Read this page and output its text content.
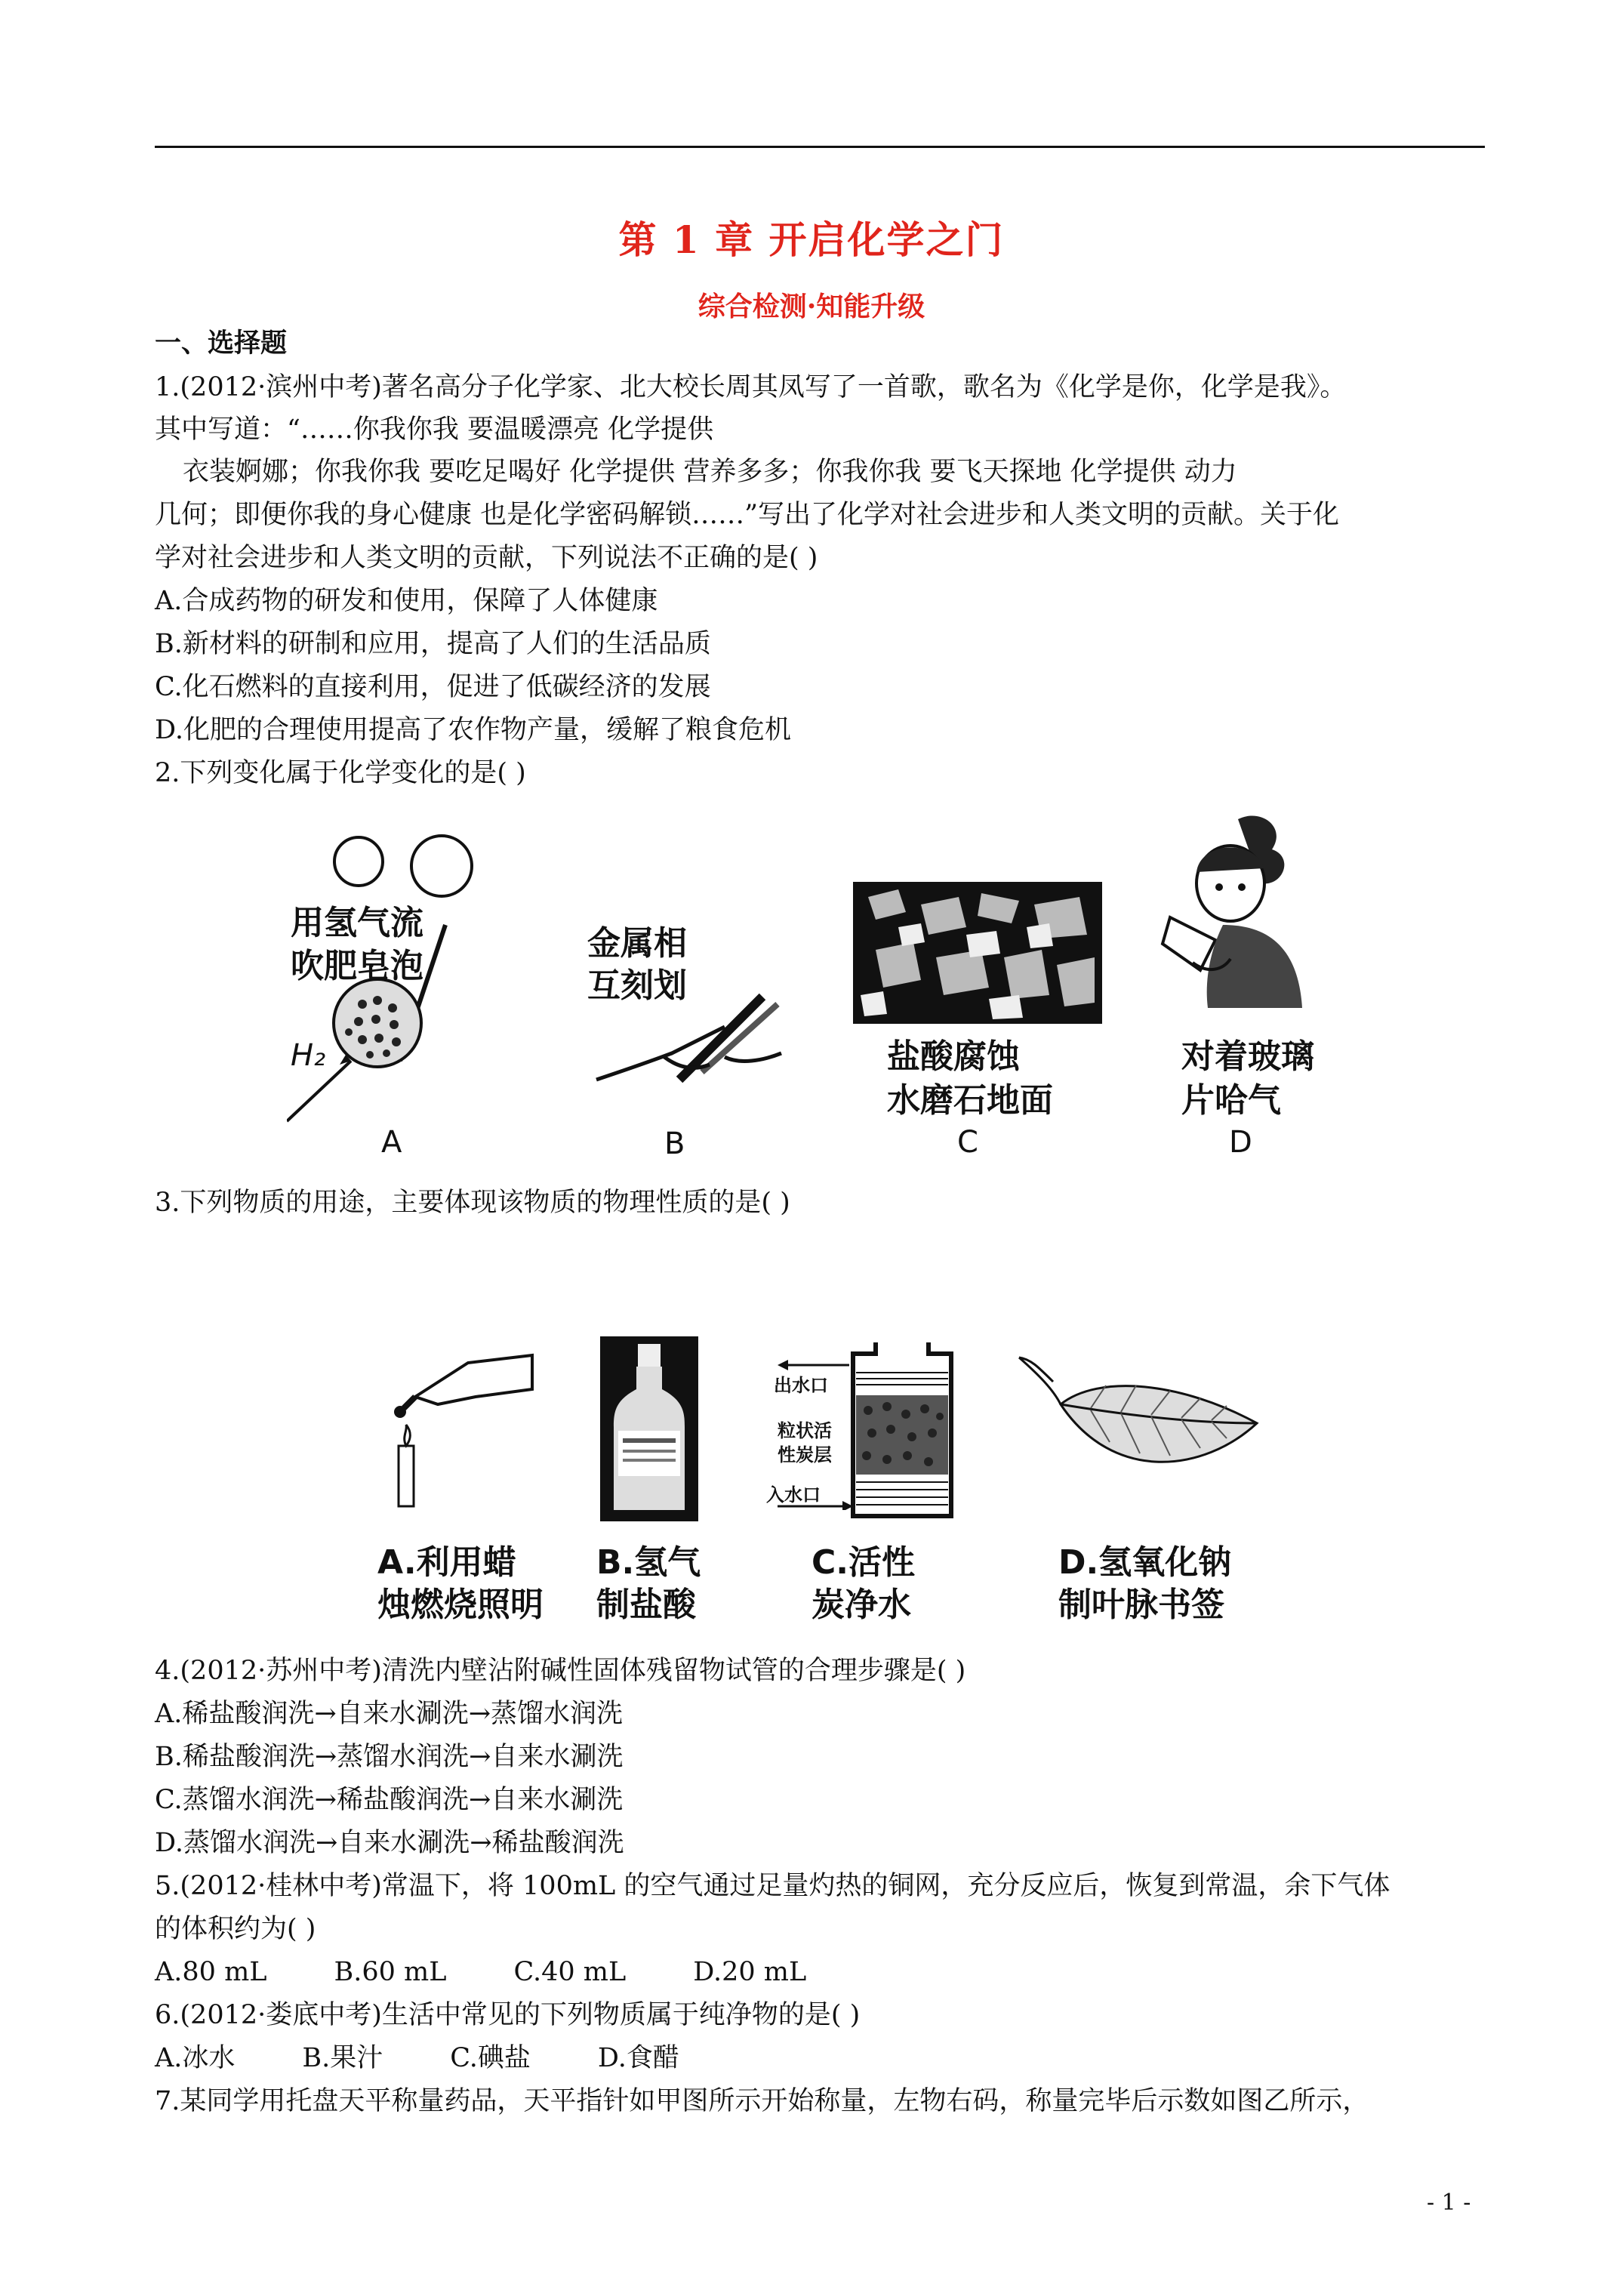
第 1 章 开启化学之门
综合检测·知能升级
一、选择题
1.(2012·滨州中考)著名高分子化学家、北大校长周其凤写了一首歌，歌名为《化学是你，化学是我》。
其中写道：“……你我你我 要温暖漂亮 化学提供
衣装婀娜；你我你我 要吃足喝好 化学提供 营养多多；你我你我 要飞天探地 化学提供 动力
几何；即便你我的身心健康 也是化学密码解锁……”写出了化学对社会进步和人类文明的贡献。关于化
学对社会进步和人类文明的贡献，下列说法不正确的是( )
A.合成药物的研发和使用，保障了人体健康
B.新材料的研制和应用，提高了人们的生活品质
C.化石燃料的直接利用，促进了低碳经济的发展
D.化肥的合理使用提高了农作物产量，缓解了粮食危机
2.下列变化属于化学变化的是( )
用氢气流
吹肥皂泡
H₂
A
金属相
互刻划
B
盐酸腐蚀
水磨石地面
C
对着玻璃
片哈气
D
3.下列物质的用途，主要体现该物质的物理性质的是( )
A.利用蜡
烛燃烧照明
B.氢气
制盐酸
出水口
粒状活
性炭层
入水口
C.活性
炭净水
D.氢氧化钠
制叶脉书签
4.(2012·苏州中考)清洗内壁沾附碱性固体残留物试管的合理步骤是( )
A.稀盐酸润洗→自来水涮洗→蒸馏水润洗
B.稀盐酸润洗→蒸馏水润洗→自来水涮洗
C.蒸馏水润洗→稀盐酸润洗→自来水涮洗
D.蒸馏水润洗→自来水涮洗→稀盐酸润洗
5.(2012·桂林中考)常温下，将 100mL 的空气通过足量灼热的铜网，充分反应后，恢复到常温，余下气体
的体积约为( )
A.80 mL        B.60 mL        C.40 mL        D.20 mL
6.(2012·娄底中考)生活中常见的下列物质属于纯净物的是( )
A.冰水        B.果汁        C.碘盐        D.食醋
7.某同学用托盘天平称量药品，天平指针如甲图所示开始称量，左物右码，称量完毕后示数如图乙所示，
- 1 -
